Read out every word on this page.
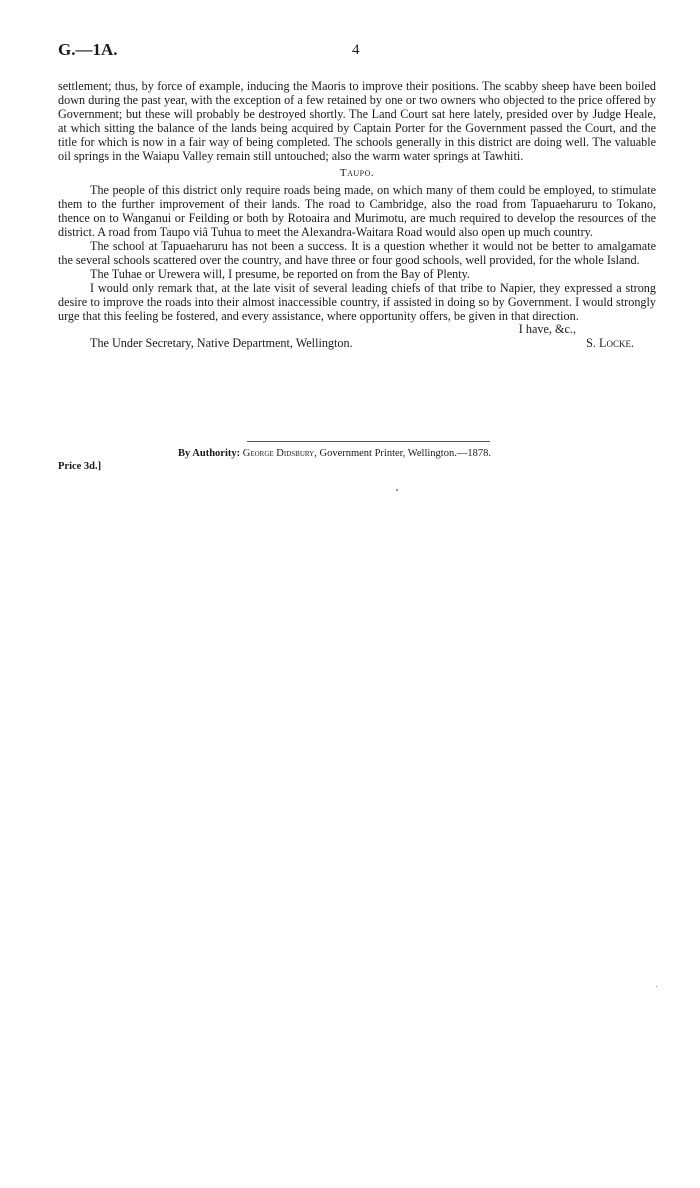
G.—1A.	4

settlement; thus, by force of example, inducing the Maoris to improve their positions. The scabby sheep have been boiled down during the past year, with the exception of a few retained by one or two owners who objected to the price offered by Government; but these will probably be destroyed shortly. The Land Court sat here lately, presided over by Judge Heale, at which sitting the balance of the lands being acquired by Captain Porter for the Government passed the Court, and the title for which is now in a fair way of being completed. The schools generally in this district are doing well. The valuable oil springs in the Waiapu Valley remain still untouched; also the warm water springs at Tawhiti.

Taupo.

The people of this district only require roads being made, on which many of them could be employed, to stimulate them to the further improvement of their lands. The road to Cambridge, also the road from Tapuaeharuru to Tokano, thence on to Wanganui or Feilding or both by Rotoaira and Murimotu, are much required to develop the resources of the district. A road from Taupo viâ Tuhua to meet the Alexandra-Waitara Road would also open up much country.

The school at Tapuaeharuru has not been a success. It is a question whether it would not be better to amalgamate the several schools scattered over the country, and have three or four good schools, well provided, for the whole Island.

The Tuhae or Urewera will, I presume, be reported on from the Bay of Plenty.

I would only remark that, at the late visit of several leading chiefs of that tribe to Napier, they expressed a strong desire to improve the roads into their almost inaccessible country, if assisted in doing so by Government. I would strongly urge that this feeling be fostered, and every assistance, where opportunity offers, be given in that direction.

I have, &c.,
The Under Secretary, Native Department, Wellington.	S. Locke.
By Authority: George Didsbury, Government Printer, Wellington.—1878.
Price 3d.]
